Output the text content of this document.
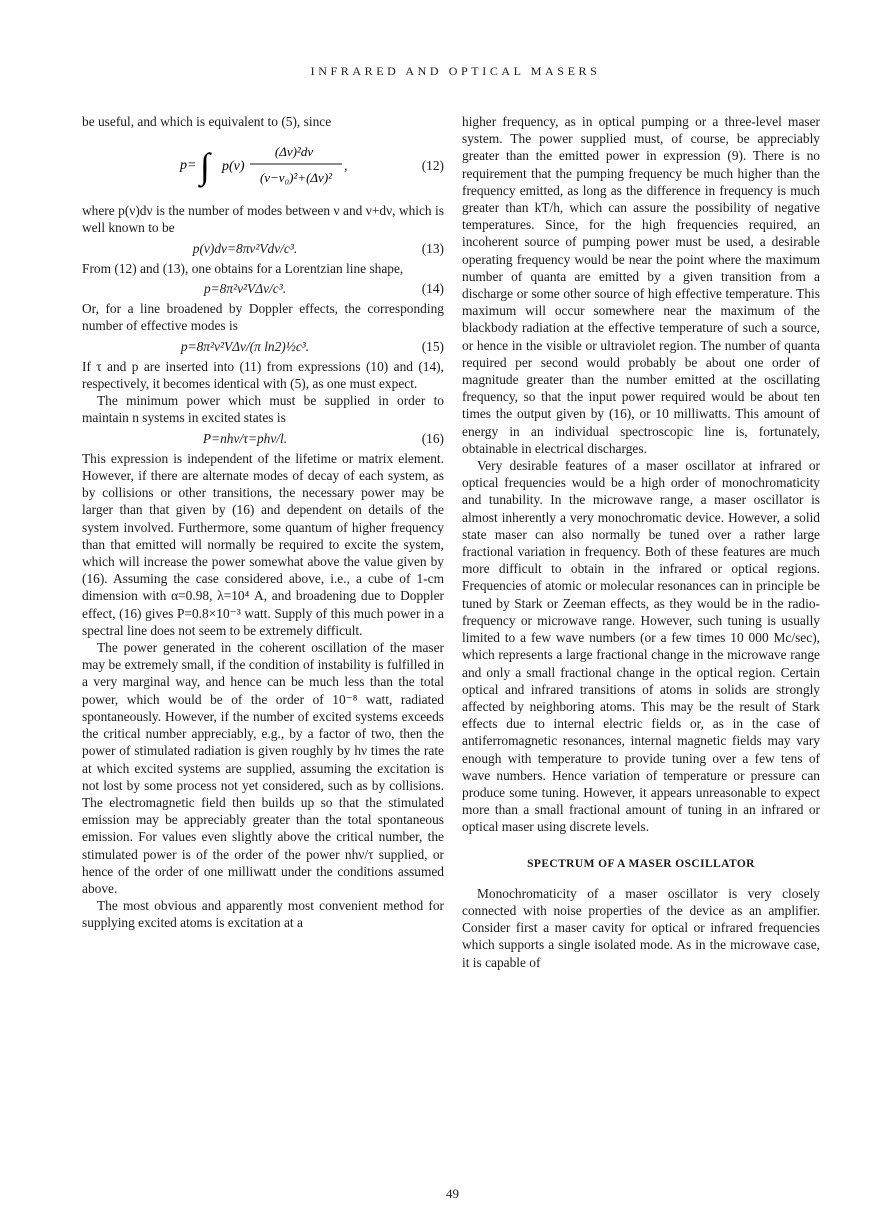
INFRARED AND OPTICAL MASERS

be useful, and which is equivalent to (5), since

p= ∫ p(ν)
(Δν)²dν
(ν−ν₀)²+(Δν)²
,	(12)

where p(ν)dν is the number of modes between ν and ν+dν, which is well known to be

p(ν)dν=8πν²Vdν/c³.	(13)

From (12) and (13), one obtains for a Lorentzian line shape,

p=8π²ν²VΔν/c³.	(14)

Or, for a line broadened by Doppler effects, the corresponding number of effective modes is

p=8π²ν²VΔν/(π ln2)½c³.	(15)

If τ and p are inserted into (11) from expressions (10) and (14), respectively, it becomes identical with (5), as one must expect.

The minimum power which must be supplied in order to maintain n systems in excited states is

P=nhν/τ=phν/l.	(16)

This expression is independent of the lifetime or matrix element. However, if there are alternate modes of decay of each system, as by collisions or other transitions, the necessary power may be larger than that given by (16) and dependent on details of the system involved. Furthermore, some quantum of higher frequency than that emitted will normally be required to excite the system, which will increase the power somewhat above the value given by (16). Assuming the case considered above, i.e., a cube of 1-cm dimension with α=0.98, λ=10⁴ A, and broadening due to Doppler effect, (16) gives P=0.8×10⁻³ watt. Supply of this much power in a spectral line does not seem to be extremely difficult.

The power generated in the coherent oscillation of the maser may be extremely small, if the condition of instability is fulfilled in a very marginal way, and hence can be much less than the total power, which would be of the order of 10⁻⁸ watt, radiated spontaneously. However, if the number of excited systems exceeds the critical number appreciably, e.g., by a factor of two, then the power of stimulated radiation is given roughly by hν times the rate at which excited systems are supplied, assuming the excitation is not lost by some process not yet considered, such as by collisions. The electromagnetic field then builds up so that the stimulated emission may be appreciably greater than the total spontaneous emission. For values even slightly above the critical number, the stimulated power is of the order of the power nhν/τ supplied, or hence of the order of one milliwatt under the conditions assumed above.

The most obvious and apparently most convenient method for supplying excited atoms is excitation at a

higher frequency, as in optical pumping or a three-level maser system. The power supplied must, of course, be appreciably greater than the emitted power in expression (9). There is no requirement that the pumping frequency be much higher than the frequency emitted, as long as the difference in frequency is much greater than kT/h, which can assure the possibility of negative temperatures. Since, for the high frequencies required, an incoherent source of pumping power must be used, a desirable operating frequency would be near the point where the maximum number of quanta are emitted by a given transition from a discharge or some other source of high effective temperature. This maximum will occur somewhere near the maximum of the blackbody radiation at the effective temperature of such a source, or hence in the visible or ultraviolet region. The number of quanta required per second would probably be about one order of magnitude greater than the number emitted at the oscillating frequency, so that the input power required would be about ten times the output given by (16), or 10 milliwatts. This amount of energy in an individual spectroscopic line is, fortunately, obtainable in electrical discharges.

Very desirable features of a maser oscillator at infrared or optical frequencies would be a high order of monochromaticity and tunability. In the microwave range, a maser oscillator is almost inherently a very monochromatic device. However, a solid state maser can also normally be tuned over a rather large fractional variation in frequency. Both of these features are much more difficult to obtain in the infrared or optical regions. Frequencies of atomic or molecular resonances can in principle be tuned by Stark or Zeeman effects, as they would be in the radio-frequency or microwave range. However, such tuning is usually limited to a few wave numbers (or a few times 10 000 Mc/sec), which represents a large fractional change in the microwave range and only a small fractional change in the optical region. Certain optical and infrared transitions of atoms in solids are strongly affected by neighboring atoms. This may be the result of Stark effects due to internal electric fields or, as in the case of antiferromagnetic resonances, internal magnetic fields may vary enough with temperature to provide tuning over a few tens of wave numbers. Hence variation of temperature or pressure can produce some tuning. However, it appears unreasonable to expect more than a small fractional amount of tuning in an infrared or optical maser using discrete levels.

SPECTRUM OF A MASER OSCILLATOR

Monochromaticity of a maser oscillator is very closely connected with noise properties of the device as an amplifier. Consider first a maser cavity for optical or infrared frequencies which supports a single isolated mode. As in the microwave case, it is capable of

49
